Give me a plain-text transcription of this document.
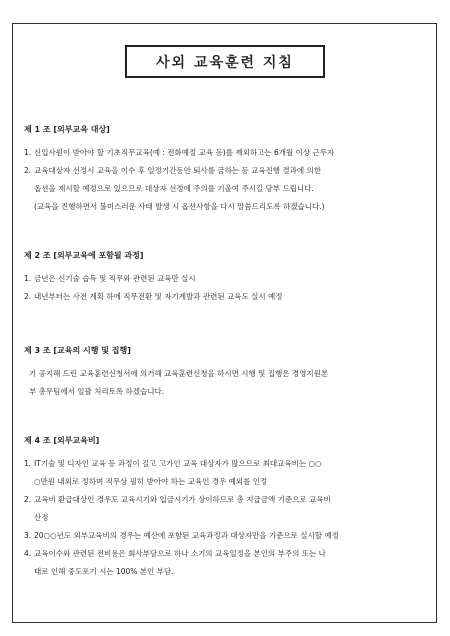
사외 교육훈련 지침
제 1 조 [외부교육 대상]
1. 신입사원이 받아야 할 기초직무교육(예 : 전화예절 교육 등)를 제외하고는 6개월 이상 근무자
2. 교육대상자 선정시 교육을 이수 후 일정기간동안 퇴사를 금하는 등 교육진행 결과에 의한
옵션을 제시할 예정으로 있으므로 대상자 선정에 주의를 기울여 주시길 당부 드립니다.
(교육을 진행하면서 불미스러운 사태 발생 시 옵션사항을 다시 말씀드리도록 하겠습니다.)
제 2 조 [외부교육에 포함될 과정]
1. 금년은 신기술 습득 및 직무와 관련된 교육만 실시
2. 내년부터는 사전 계획 하에 직무전환 및 자기계발과 관련된 교육도 실시 예정
제 3 조 [교육의 시행 및 집행]
기 공지해 드린 교육훈련신청서에 의거해 교육훈련신청을 하시면 시행 및 집행은 경영지원본
부 총무팀에서 일괄 처리토록 하겠습니다.
제 4 조 [외부교육비]
1. IT기술 및 디자인 교육 등 과정이 길고 고가인 교육 대상자가 많으므로 최대교육비는 ○○
○만원 내외로 정하며 직무상 필히 받아야 하는 교육인 경우 예외를 인정
2. 교육비 환급대상인 경우도 교육시기와 입금시기가 상이하므로 총 지급금액 기준으로 교육비
산정
3. 20○○년도 외부교육비의 경우는 예산에 포함된 교육과정과 대상자만을 기준으로 실시할 예정
4. 교육이수와 관련된 전비용은 회사부담으로 하나 소기의 교육일정을 본인의 부주의 또는 나
태로 인해 중도포기 시는 100% 본인 부담.
